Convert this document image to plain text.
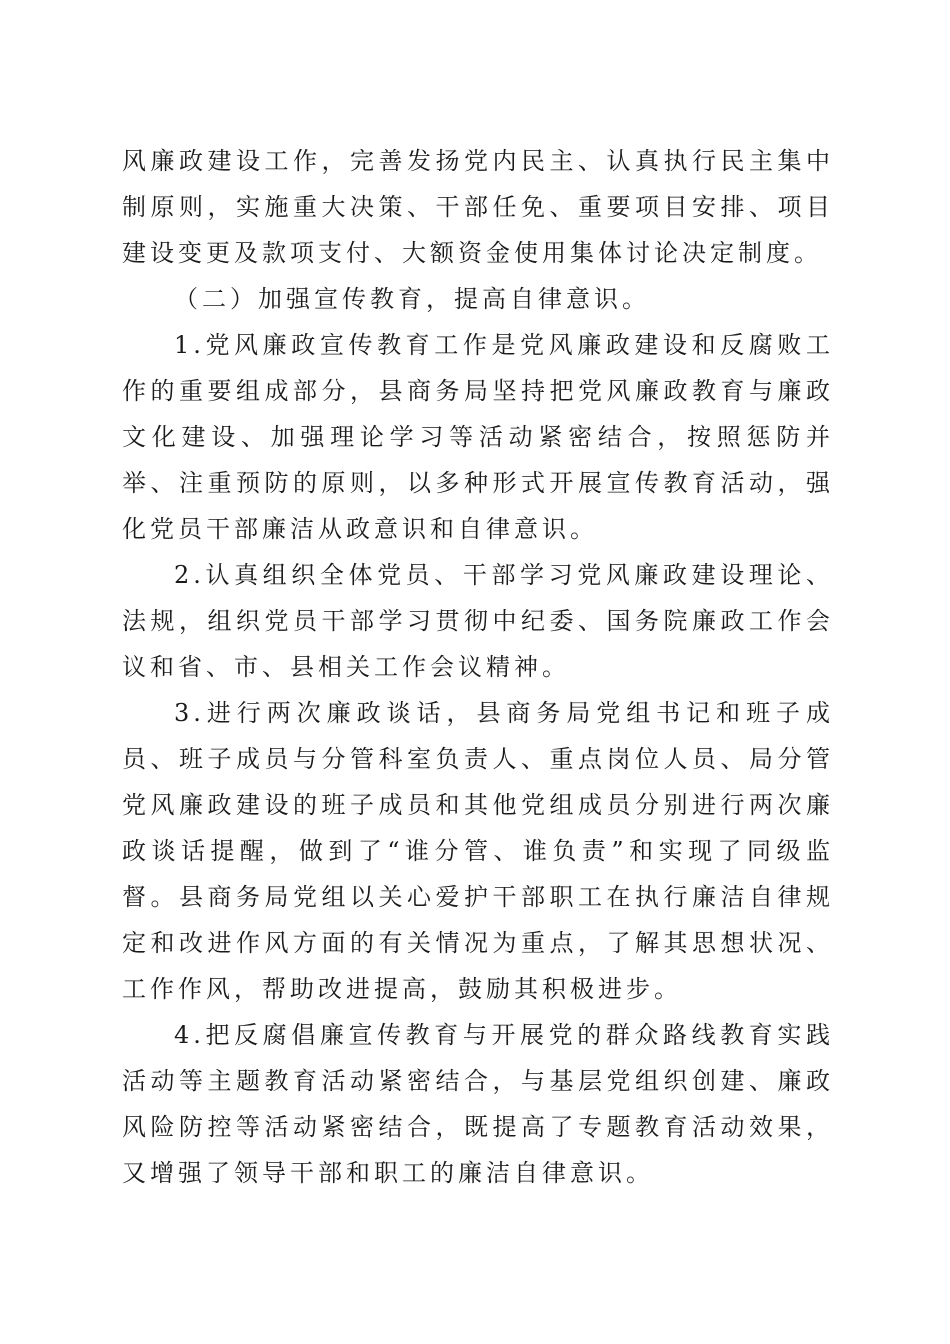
风廉政建设工作，完善发扬党内民主、认真执行民主集中制原则，实施重大决策、干部任免、重要项目安排、项目建设变更及款项支付、大额资金使用集体讨论决定制度。

（二）加强宣传教育，提高自律意识。

1.党风廉政宣传教育工作是党风廉政建设和反腐败工作的重要组成部分，县商务局坚持把党风廉政教育与廉政文化建设、加强理论学习等活动紧密结合，按照惩防并举、注重预防的原则，以多种形式开展宣传教育活动，强化党员干部廉洁从政意识和自律意识。

2.认真组织全体党员、干部学习党风廉政建设理论、法规，组织党员干部学习贯彻中纪委、国务院廉政工作会议和省、市、县相关工作会议精神。

3.进行两次廉政谈话，县商务局党组书记和班子成员、班子成员与分管科室负责人、重点岗位人员、局分管党风廉政建设的班子成员和其他党组成员分别进行两次廉政谈话提醒，做到了“谁分管、谁负责”和实现了同级监督。县商务局党组以关心爱护干部职工在执行廉洁自律规定和改进作风方面的有关情况为重点，了解其思想状况、工作作风，帮助改进提高，鼓励其积极进步。

4.把反腐倡廉宣传教育与开展党的群众路线教育实践活动等主题教育活动紧密结合，与基层党组织创建、廉政风险防控等活动紧密结合，既提高了专题教育活动效果，又增强了领导干部和职工的廉洁自律意识。
